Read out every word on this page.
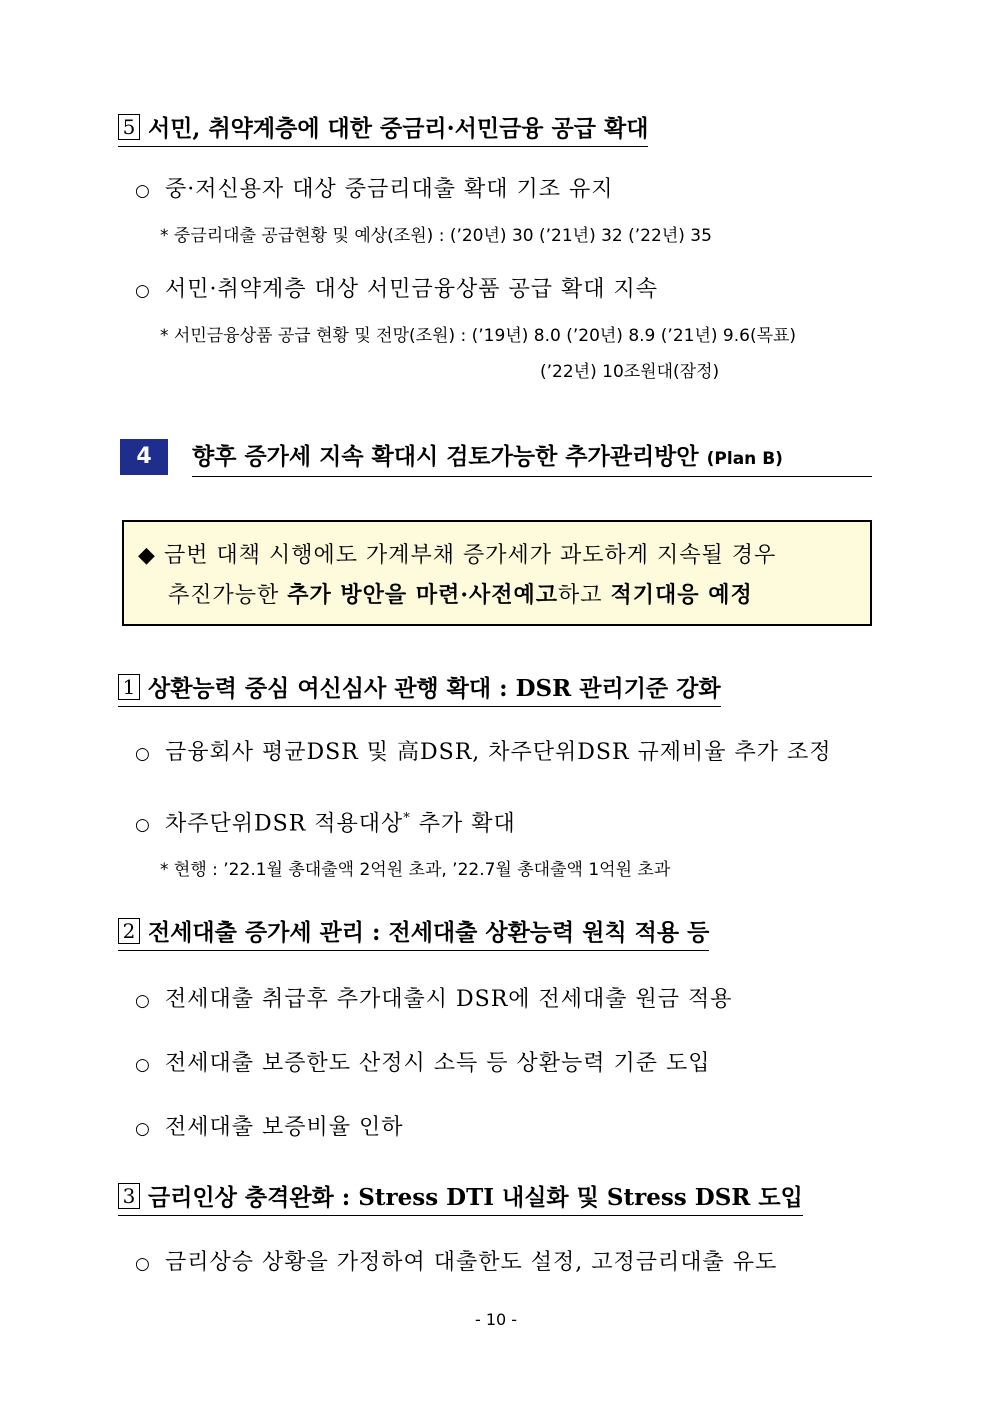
5 서민, 취약계층에 대한 중금리·서민금융 공급 확대
○ 중·저신용자 대상 중금리대출 확대 기조 유지
* 중금리대출 공급현황 및 예상(조원) : (’20년) 30 (’21년) 32 (’22년) 35
○ 서민·취약계층 대상 서민금융상품 공급 확대 지속
* 서민금융상품 공급 현황 및 전망(조원) : (’19년) 8.0 (’20년) 8.9 (’21년) 9.6(목표)
(’22년) 10조원대(잠정)
4	향후 증가세 지속 확대시 검토가능한 추가관리방안 (Plan B)
◆ 금번 대책 시행에도 가계부채 증가세가 과도하게 지속될 경우
추진가능한 추가 방안을 마련·사전예고하고 적기대응 예정
1 상환능력 중심 여신심사 관행 확대 : DSR 관리기준 강화
○ 금융회사 평균DSR 및 高DSR, 차주단위DSR 규제비율 추가 조정
○ 차주단위DSR 적용대상* 추가 확대
* 현행 : ’22.1월 총대출액 2억원 초과, ’22.7월 총대출액 1억원 초과
2 전세대출 증가세 관리 : 전세대출 상환능력 원칙 적용 등
○ 전세대출 취급후 추가대출시 DSR에 전세대출 원금 적용
○ 전세대출 보증한도 산정시 소득 등 상환능력 기준 도입
○ 전세대출 보증비율 인하
3 금리인상 충격완화 : Stress DTI 내실화 및 Stress DSR 도입
○ 금리상승 상황을 가정하여 대출한도 설정, 고정금리대출 유도
- 10 -
